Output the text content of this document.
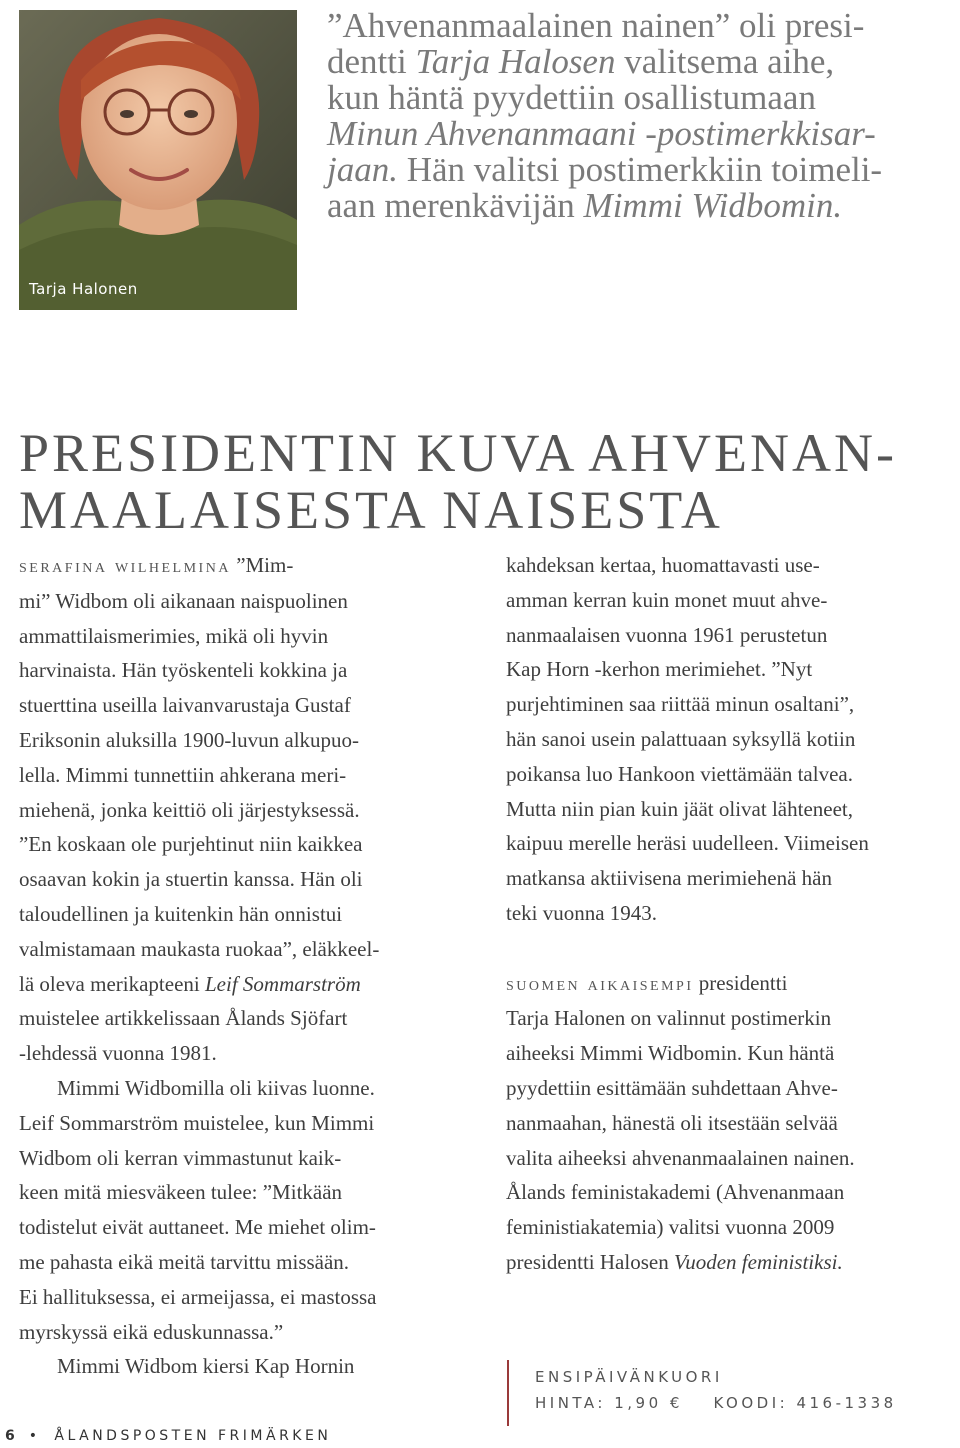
Tarja Halonen
”Ahvenanmaalainen nainen” oli presi-
dentti Tarja Halosen valitsema aihe,
kun häntä pyydettiin osallistumaan
Minun Ahvenanmaani -postimerkkisar-
jaan. Hän valitsi postimerkkiin toimeli-
aan merenkävijän Mimmi Widbomin.
PRESIDENTIN KUVA AHVENAN-
MAALAISESTA NAISESTA
serafina wilhelmina ”Mim-
mi” Widbom oli aikanaan naispuolinen
ammattilaismerimies, mikä oli hyvin
harvinaista. Hän työskenteli kokkina ja
stuerttina useilla laivanvarustaja Gustaf
Eriksonin aluksilla 1900-luvun alkupuo-
lella. Mimmi tunnettiin ahkerana meri-
miehenä, jonka keittiö oli järjestyksessä.
”En koskaan ole purjehtinut niin kaikkea
osaavan kokin ja stuertin kanssa. Hän oli
taloudellinen ja kuitenkin hän onnistui
valmistamaan maukasta ruokaa”, eläkkeel-
lä oleva merikapteeni Leif Sommarström
muistelee artikkelissaan Ålands Sjöfart
-lehdessä vuonna 1981.
Mimmi Widbomilla oli kiivas luonne.
Leif Sommarström muistelee, kun Mimmi
Widbom oli kerran vimmastunut kaik-
keen mitä miesväkeen tulee: ”Mitkään
todistelut eivät auttaneet. Me miehet olim-
me pahasta eikä meitä tarvittu missään.
Ei hallituksessa, ei armeijassa, ei mastossa
myrskyssä eikä eduskunnassa.”
Mimmi Widbom kiersi Kap Hornin
kahdeksan kertaa, huomattavasti use-
amman kerran kuin monet muut ahve-
nanmaalaisen vuonna 1961 perustetun
Kap Horn -kerhon merimiehet. ”Nyt
purjehtiminen saa riittää minun osaltani”,
hän sanoi usein palattuaan syksyllä kotiin
poikansa luo Hankoon viettämään talvea.
Mutta niin pian kuin jäät olivat lähteneet,
kaipuu merelle heräsi uudelleen. Viimeisen
matkansa aktiivisena merimiehenä hän
teki vuonna 1943.
suomen aikaisempi presidentti
Tarja Halonen on valinnut postimerkin
aiheeksi Mimmi Widbomin. Kun häntä
pyydettiin esittämään suhdettaan Ahve-
nanmaahan, hänestä oli itsestään selvää
valita aiheeksi ahvenanmaalainen nainen.
Ålands feministakademi (Ahvenanmaan
feministiakatemia) valitsi vuonna 2009
presidentti Halosen Vuoden feministiksi.
ENSIPÄIVÄNKUORI
HINTA: 1,90 € KOODI: 416-1338
6 • ÅLANDSPOSTEN FRIMÄRKEN
